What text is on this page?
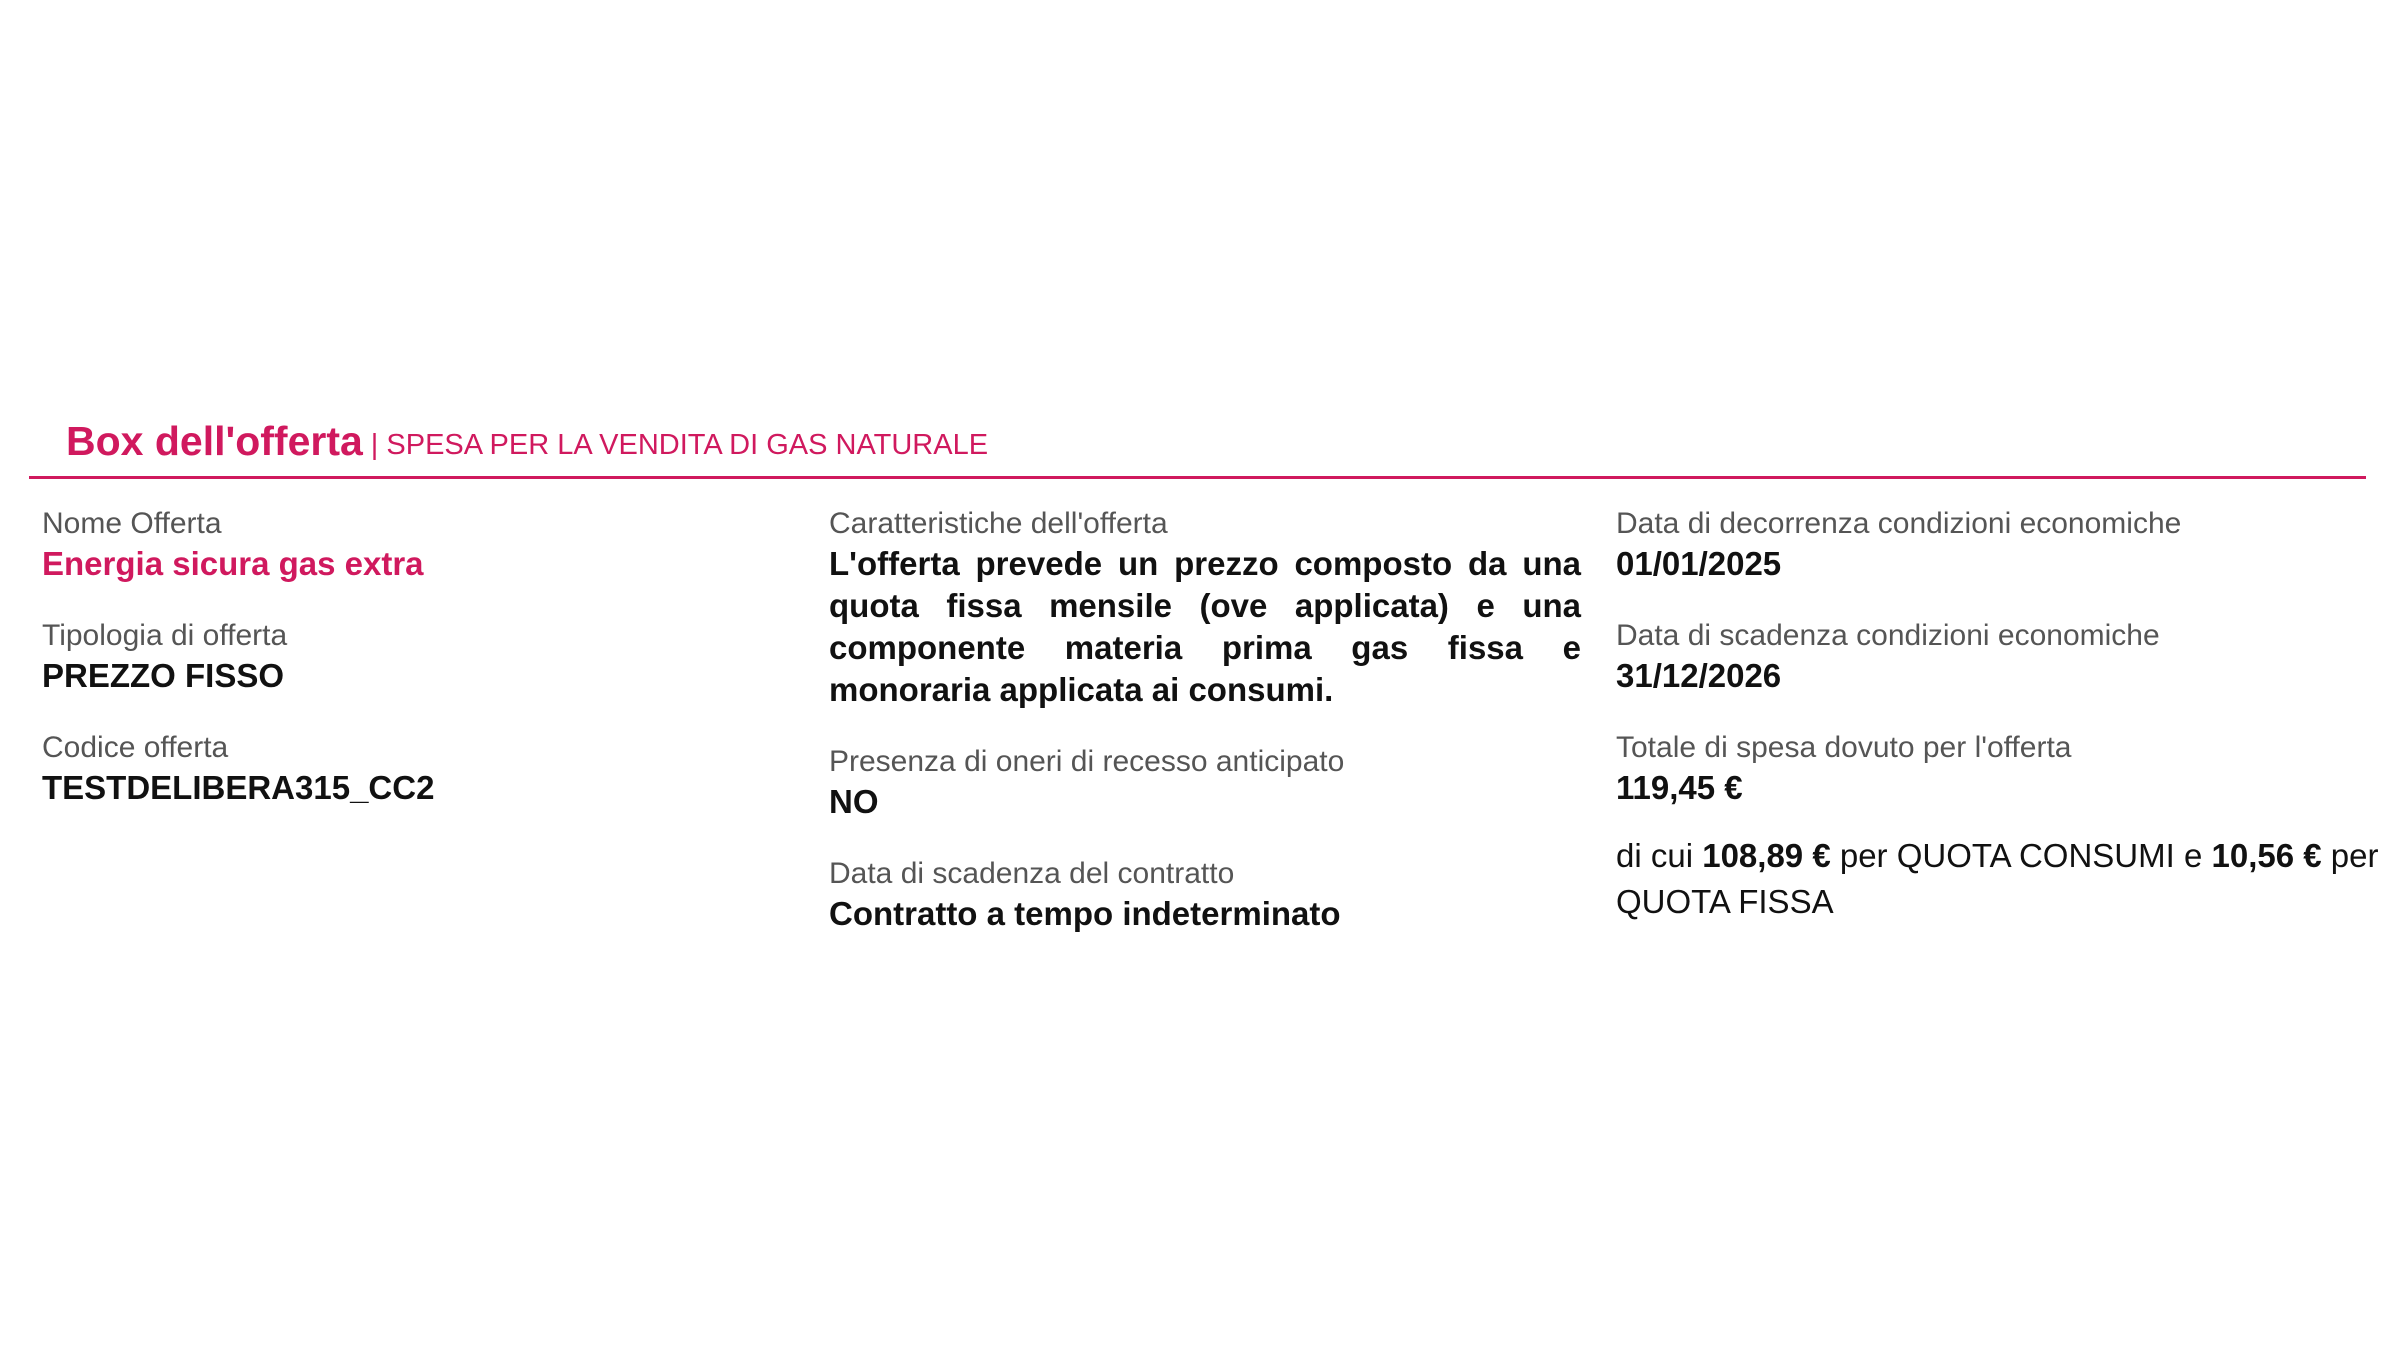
Box dell'offerta | SPESA PER LA VENDITA DI GAS NATURALE
Nome Offerta
Energia sicura gas extra
Tipologia di offerta
PREZZO FISSO
Codice offerta
TESTDELIBERA315_CC2
Caratteristiche dell'offerta
L'offerta prevede un prezzo composto da una quota fissa mensile (ove applicata) e una componente materia prima gas fissa e monoraria applicata ai consumi.
Presenza di oneri di recesso anticipato
NO
Data di scadenza del contratto
Contratto a tempo indeterminato
Data di decorrenza condizioni economiche
01/01/2025
Data di scadenza condizioni economiche
31/12/2026
Totale di spesa dovuto per l'offerta
119,45 €
di cui 108,89 € per QUOTA CONSUMI e 10,56 € per QUOTA FISSA
